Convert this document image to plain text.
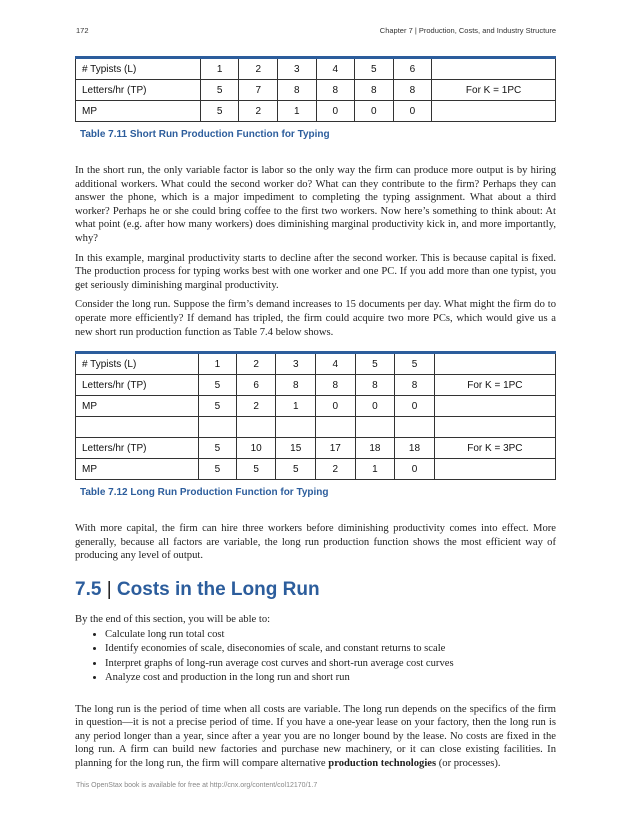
172	Chapter 7 | Production, Costs, and Industry Structure
# Typists (L)	1	2	3	4	5	6	
Letters/hr (TP)	5	7	8	8	8	8	For K = 1PC
MP	5	2	1	0	0	0	
Table 7.11 Short Run Production Function for Typing

In the short run, the only variable factor is labor so the only way the firm can produce more output is by hiring additional workers. What could the second worker do? What can they contribute to the firm? Perhaps they can answer the phone, which is a major impediment to completing the typing assignment. What about a third worker? Perhaps he or she could bring coffee to the first two workers. Now here’s something to think about: At what point (e.g. after how many workers) does diminishing marginal productivity kick in, and more importantly, why?

In this example, marginal productivity starts to decline after the second worker. This is because capital is fixed. The production process for typing works best with one worker and one PC. If you add more than one typist, you get seriously diminishing marginal productivity.

Consider the long run. Suppose the firm’s demand increases to 15 documents per day. What might the firm do to operate more efficiently? If demand has tripled, the firm could acquire two more PCs, which would give us a new short run production function as Table 7.4 below shows.

# Typists (L)	1	2	3	4	5	5	
Letters/hr (TP)	5	6	8	8	8	8	For K = 1PC
MP	5	2	1	0	0	0	

Letters/hr (TP)	5	10	15	17	18	18	For K = 3PC
MP	5	5	5	2	1	0	
Table 7.12 Long Run Production Function for Typing

With more capital, the firm can hire three workers before diminishing productivity comes into effect. More generally, because all factors are variable, the long run production function shows the most efficient way of producing any level of output.

7.5 | Costs in the Long Run

By the end of this section, you will be able to:

• Calculate long run total cost
• Identify economies of scale, diseconomies of scale, and constant returns to scale
• Interpret graphs of long-run average cost curves and short-run average cost curves
• Analyze cost and production in the long run and short run

The long run is the period of time when all costs are variable. The long run depends on the specifics of the firm in question—it is not a precise period of time. If you have a one-year lease on your factory, then the long run is any period longer than a year, since after a year you are no longer bound by the lease. No costs are fixed in the long run. A firm can build new factories and purchase new machinery, or it can close existing facilities. In planning for the long run, the firm will compare alternative production technologies (or processes).

This OpenStax book is available for free at http://cnx.org/content/col12170/1.7
